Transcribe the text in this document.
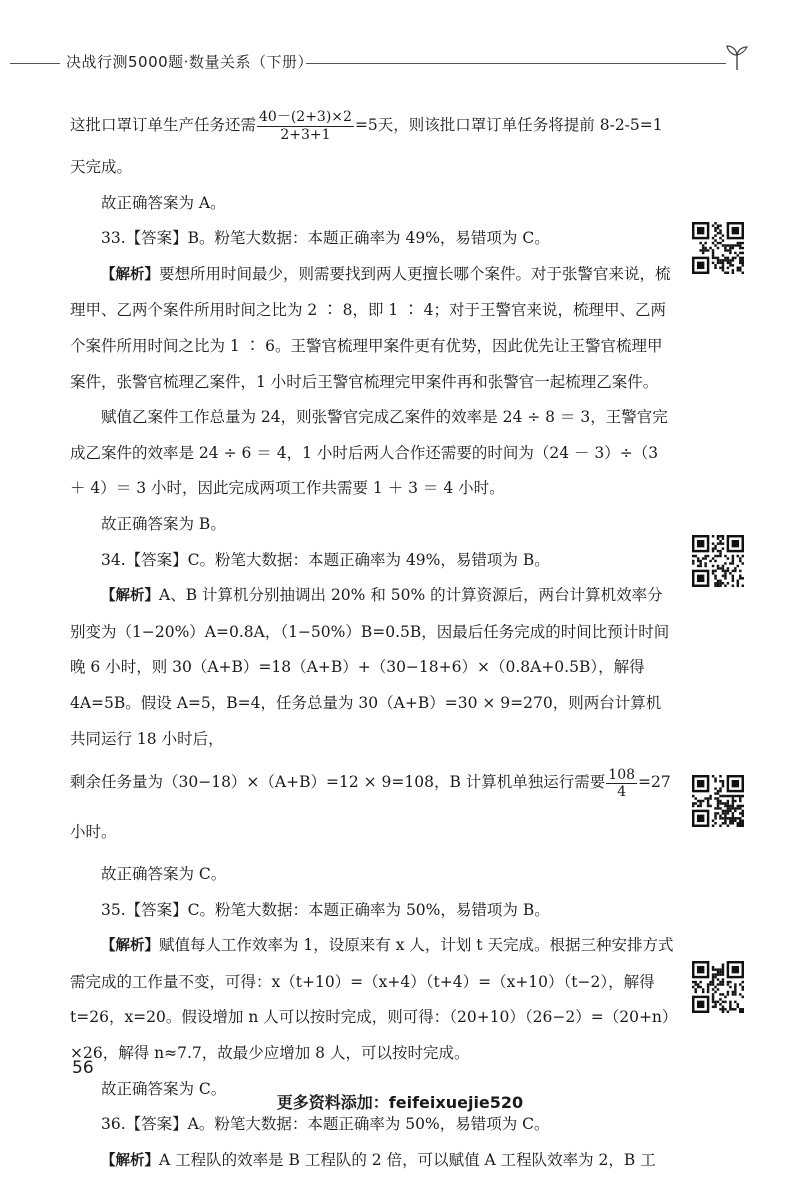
决战行测5000题·数量关系（下册）

这批口罩订单生产任务还需 $\frac{40-(2+3)\times 2}{2+3+1} =5$天，则该批口罩订单任务将提前 8-2-5=1

天完成。

故正确答案为 A。

33.【答案】B。粉笔大数据：本题正确率为 49%，易错项为 C。

【解析】要想所用时间最少，则需要找到两人更擅长哪个案件。对于张警官来说，梳理甲、乙两个案件所用时间之比为 2 ∶ 8，即 1 ∶ 4；对于王警官来说，梳理甲、乙两个案件所用时间之比为 1 ∶ 6。王警官梳理甲案件更有优势，因此优先让王警官梳理甲案件，张警官梳理乙案件，1 小时后王警官梳理完甲案件再和张警官一起梳理乙案件。

赋值乙案件工作总量为 24，则张警官完成乙案件的效率是 24 ÷ 8 ＝ 3，王警官完成乙案件的效率是 24 ÷ 6 ＝ 4，1 小时后两人合作还需要的时间为（24 － 3）÷（3 ＋ 4）＝ 3 小时，因此完成两项工作共需要 1 ＋ 3 ＝ 4 小时。

故正确答案为 B。

34.【答案】C。粉笔大数据：本题正确率为 49%，易错项为 B。

【解析】A、B 计算机分别抽调出 20% 和 50% 的计算资源后，两台计算机效率分别变为（1−20%）A=0.8A，（1−50%）B=0.5B，因最后任务完成的时间比预计时间晚 6 小时，则 30（A+B）=18（A+B）+（30−18+6）×（0.8A+0.5B），解得 4A=5B。假设 A=5，B=4，任务总量为 30（A+B）=30 × 9=270，则两台计算机共同运行 18 小时后，

剩余任务量为（30−18）×（A+B）=12 × 9=108，B 计算机单独运行需要 $\frac{108}{4} =27$小时。

故正确答案为 C。

35.【答案】C。粉笔大数据：本题正确率为 50%，易错项为 B。

【解析】赋值每人工作效率为 1，设原来有 x 人，计划 t 天完成。根据三种安排方式需完成的工作量不变，可得：x（t+10）=（x+4）（t+4）=（x+10）（t−2），解得 t=26，x=20。假设增加 n 人可以按时完成，则可得：（20+10）（26−2）=（20+n）×26，解得 n≈7.7，故最少应增加 8 人，可以按时完成。

故正确答案为 C。

36.【答案】A。粉笔大数据：本题正确率为 50%，易错项为 C。

【解析】A 工程队的效率是 B 工程队的 2 倍，可以赋值 A 工程队效率为 2，B 工

56
更多资料添加：feifeixuejie520
